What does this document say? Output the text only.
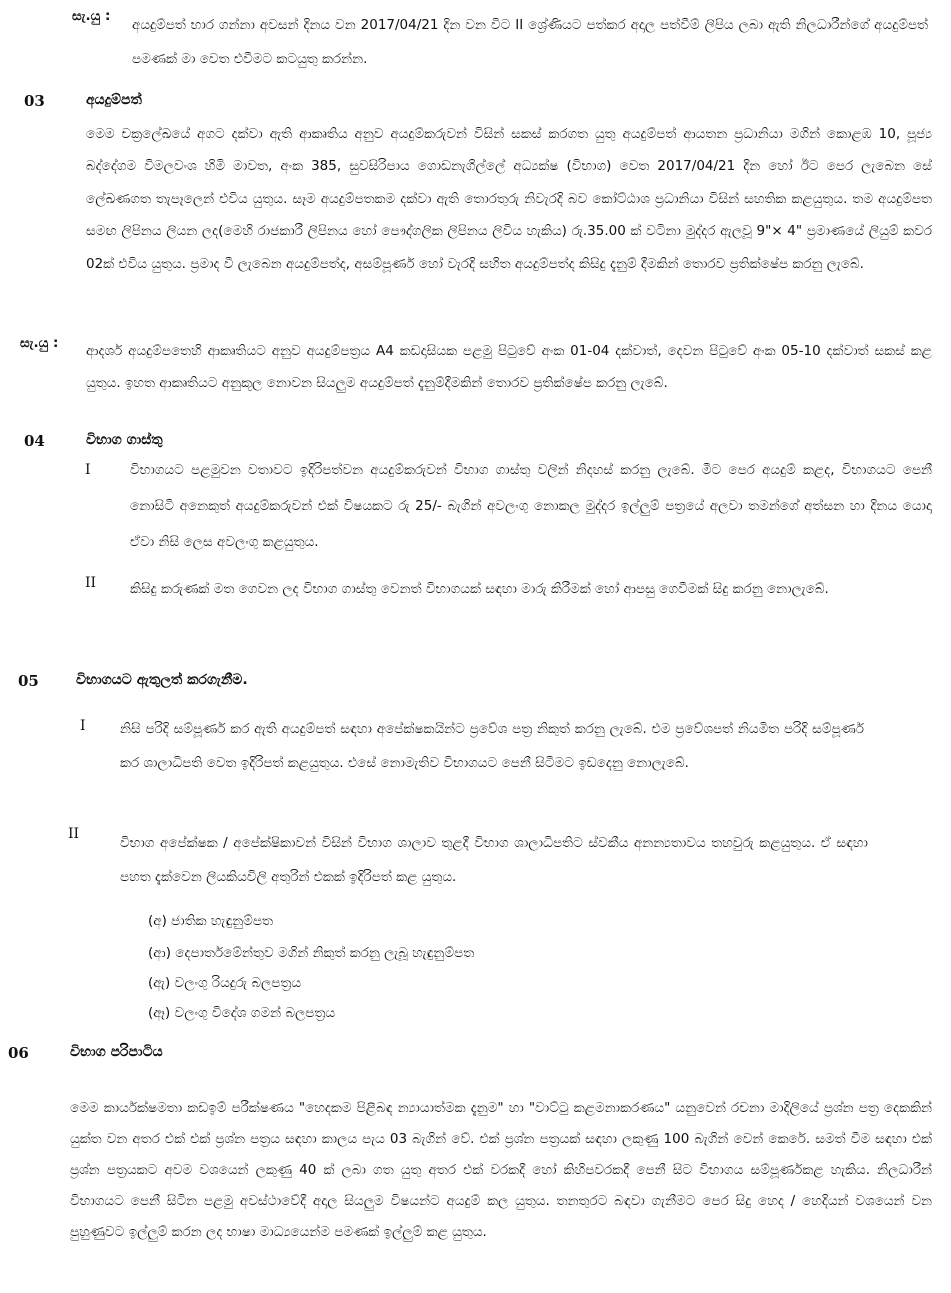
සැ.යු :
අයදුම්පත් භාර ගන්නා අවසන් දිනය වන 2017/04/21 දින වන විට II ශ්‍රේණියට පත්කර අදාල පත්වීම් ලිපිය ලබා ඇති නිලධාරීන්ගේ අයදුම්පත් පමණක් මා වෙත එවීමට කටයුතු කරන්න.
03	අයදුම්පත්
මෙම චක්‍රලේඛයේ අගට දක්වා ඇති ආකෘතිය අනුව අයදුම්කරුවන් විසින් සකස් කරගත යුතු අයදුම්පත් ආයතන ප්‍රධානියා මගින් කොළඹ 10, පූජ්‍ය බද්දේගම විමලවංශ හිමි මාවත, අංක 385, සුවසිරිපාය ගොඩනැගිල්ලේ අධ්‍යක්ෂ (විභාග) වෙත 2017/04/21 දින හෝ ඊට පෙර ලැබෙන සේ ලේඛණගත තැපෑලෙන් එවිය යුතුය. සෑම අයදුම්පතකම දක්වා ඇති තොරතුරු නිවැරදි බව කෝට්ඨාශ ප්‍රධානියා විසින් සහතික කළයුතුය. තම අයදුම්පත සමඟ ලිපිනය ලියන ලද(මෙහි රාජකාරී ලිපිනය හෝ පෞද්ගලික ලිපිනය ලිවිය හැකිය) රු.35.00 ක් වටිනා මුද්දර ඇලවූ 9"× 4" ප්‍රමාණයේ ලියුම් කවර 02ක් එවිය යුතුය. ප්‍රමාද වී ලැබෙන අයදුම්පත්ද, අසම්පූර්ණ හෝ වැරදි සහිත අයදුම්පත්ද කිසිදු දැනුම් දීමකින් තොරව ප්‍රතික්ෂේප කරනු ලැබේ.
සැ.යු : ආදර්ශ අයදුම්පතෙහි ආකෘතියට අනුව අයදුම්පත්‍රය A4 කඩදාසියක පළමු පිටුවේ අංක 01-04 දක්වාත්, දෙවන පිටුවේ අංක 05-10 දක්වාත් සකස් කළ යුතුය. ඉහත ආකෘතියට අනුකූල නොවන සියලුම අයදුම්පත් දැනුම්දීමකින් තොරව ප්‍රතික්ෂේප කරනු ලැබේ.
04	විභාග ගාස්තු
I	විභාගයට පළමුවන වතාවට ඉදිරිපත්වන අයදුම්කරුවන් විභාග ගාස්තු වලින් නිදහස් කරනු ලැබේ. මීට පෙර අයදුම් කළද, විභාගයට පෙනී නොසිටි අනෙකුත් අයදුම්කරුවන් එක් විෂයකට රු 25/- බැගින් අවලංගු නොකල මුද්දර ඉල්ලුම් පත්‍රයේ අලවා තමන්ගේ අත්සන හා දිනය යොදා ඒවා නිසි ලෙස අවලංගු කළයුතුය.
II	කිසිදු කරුණක් මත ගෙවන ලද විභාග ගාස්තු වෙනත් විභාගයක් සඳහා මාරු කිරීමක් හෝ ආපසු ගෙවීමක් සිදු කරනු නොලැබේ.
05	විභාගයට ඇතුලත් කරගැනීම.
I	නිසි පරිදි සම්පූර්ණ කර ඇති අයදුම්පත් සඳහා අපේක්ෂකයින්ට ප්‍රවේශ පත්‍ර නිකුත් කරනු ලැබේ. එම ප්‍රවේශපත් නියමිත පරිදි සම්පූර්ණ කර ශාලාධිපති වෙත ඉදිරිපත් කළයුතුය. එසේ නොමැතිව විභාගයට පෙනී සිටීමට ඉඩදෙනු නොලැබේ.
II
විභාග අපේක්ෂක / අපේක්ෂිකාවන් විසින් විභාග ශාලාව තුළදී විභාග ශාලාධිපතිට ස්වකීය අනන්‍යතාවය තහවුරු කළයුතුය. ඒ සඳහා පහත දැක්වෙන ලියකියවිලි අතුරින් එකක් ඉදිරිපත් කළ යුතුය.
(අ) ජාතික හැඳුනුම්පත
(ආ) දෙපාර්තමේන්තුව මගින් නිකුත් කරනු ලැබූ හැඳුනුම්පත
(ඇ) වලංගු රියදුරු බලපත්‍රය
(ඈ) වලංගු විදේශ ගමන් බලපත්‍රය
06	විභාග පරිපාටිය
මෙම කාර්යක්ෂමතා කඩඉම් පරීක්ෂණය "හෙදකම පිළිබඳ න්‍යායාත්මක දැනුම" හා "වාට්ටු කළමනාකරණය" යනුවෙන් රචනා මාදිලියේ ප්‍රශ්න පත්‍ර දෙකකින් යුක්ත වන අතර එක් එක් ප්‍රශ්න පත්‍රය සඳහා කාලය පැය 03 බැගින් වේ. එක් ප්‍රශ්න පත්‍රයක් සඳහා ලකුණු 100 බැගින් වෙන් කෙරේ. සමත් වීම සඳහා එක් ප්‍රශ්න පත්‍රයකට අවම වශයෙන් ලකුණු 40 ක් ලබා ගත යුතු අතර එක් වරකදී හෝ කිහිපවරකදී පෙනී සිට විභාගය සම්පූර්ණකළ හැකිය. නිලධාරීන් විභාගයට පෙනී සිටින පළමු අවස්ථාවේදී අදාල සියලුම විෂයන්ට අයදුම් කල යුතුය. තනතුරට බඳවා ගැනීමට පෙර සිදු හෙද / හෙදියන් වශයෙන් වන පුහුණුවට ඉල්ලුම් කරන ලද භාෂා මාධ්‍යයෙන්ම පමණක් ඉල්ලුම් කළ යුතුය.
